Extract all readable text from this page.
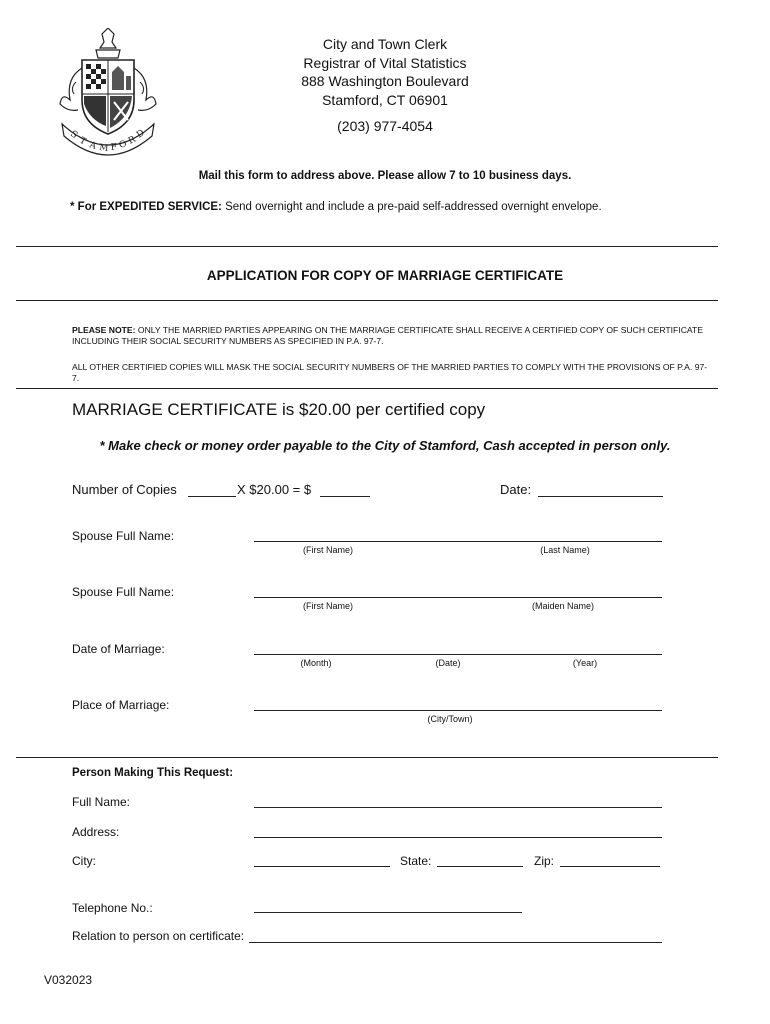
S
T A M F O R
D
City and Town Clerk
Registrar of Vital Statistics
888 Washington Boulevard
Stamford, CT 06901
(203) 977-4054
Mail this form to address above. Please allow 7 to 10 business days.
* For EXPEDITED SERVICE: Send overnight and include a pre-paid self-addressed overnight envelope.
APPLICATION FOR COPY OF MARRIAGE CERTIFICATE
PLEASE NOTE: ONLY THE MARRIED PARTIES APPEARING ON THE MARRIAGE CERTIFICATE SHALL RECEIVE A CERTIFIED COPY OF SUCH CERTIFICATE INCLUDING THEIR SOCIAL SECURITY NUMBERS AS SPECIFIED IN P.A. 97-7.
ALL OTHER CERTIFIED COPIES WILL MASK THE SOCIAL SECURITY NUMBERS OF THE MARRIED PARTIES TO COMPLY WITH THE PROVISIONS OF P.A. 97-7.
MARRIAGE CERTIFICATE is $20.00 per certified copy
* Make check or money order payable to the City of Stamford, Cash accepted in person only.
Number of Copies	X $20.00 = $	Date:
Spouse Full Name:
(First Name)	(Last Name)
Spouse Full Name:
(First Name)	(Maiden Name)
Date of Marriage:
(Month)	(Date)	(Year)
Place of Marriage:
(City/Town)
Person Making This Request:
Full Name:
Address:
City:	State:	Zip:
Telephone No.:
Relation to person on certificate:
V032023
